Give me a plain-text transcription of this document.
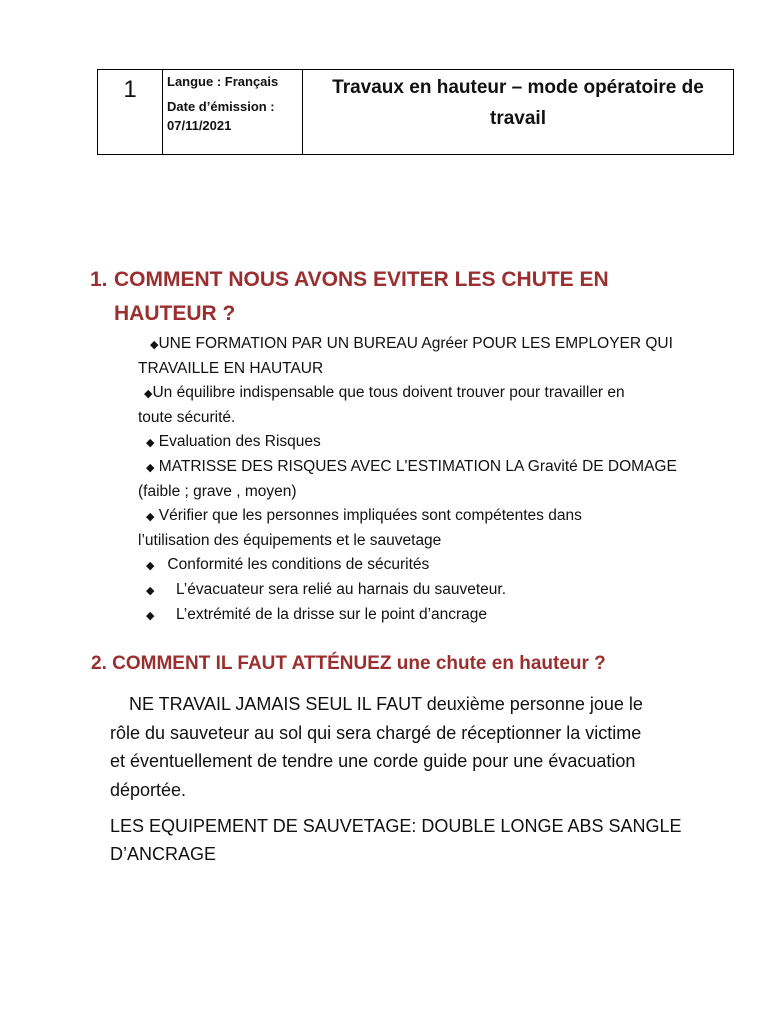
1	Langue : Français
Date d’émission :
07/11/2021
Travaux en hauteur – mode opératoire de
travail
1. COMMENT NOUS AVONS EVITER LES CHUTE EN
HAUTEUR ?
◆UNE FORMATION PAR UN BUREAU Agréer POUR LES EMPLOYER QUI
TRAVAILLE EN HAUTAUR
◆Un équilibre indispensable que tous doivent trouver pour travailler en
toute sécurité.
◆ Evaluation des Risques
◆ MATRISSE DES RISQUES AVEC L'ESTIMATION LA Gravité DE DOMAGE
(faible ; grave , moyen)
◆ Vérifier que les personnes impliquées sont compétentes dans
l’utilisation des équipements et le sauvetage
◆ Conformité les conditions de sécurités
◆ L’évacuateur sera relié au harnais du sauveteur.
◆ L’extrémité de la drisse sur le point d’ancrage
2. COMMENT IL FAUT ATTÉNUEZ une chute en hauteur ?
NE TRAVAIL JAMAIS SEUL IL FAUT deuxième personne joue le
rôle du sauveteur au sol qui sera chargé de réceptionner la victime
et éventuellement de tendre une corde guide pour une évacuation
déportée.
LES EQUIPEMENT DE SAUVETAGE: DOUBLE LONGE ABS SANGLE
D’ANCRAGE
